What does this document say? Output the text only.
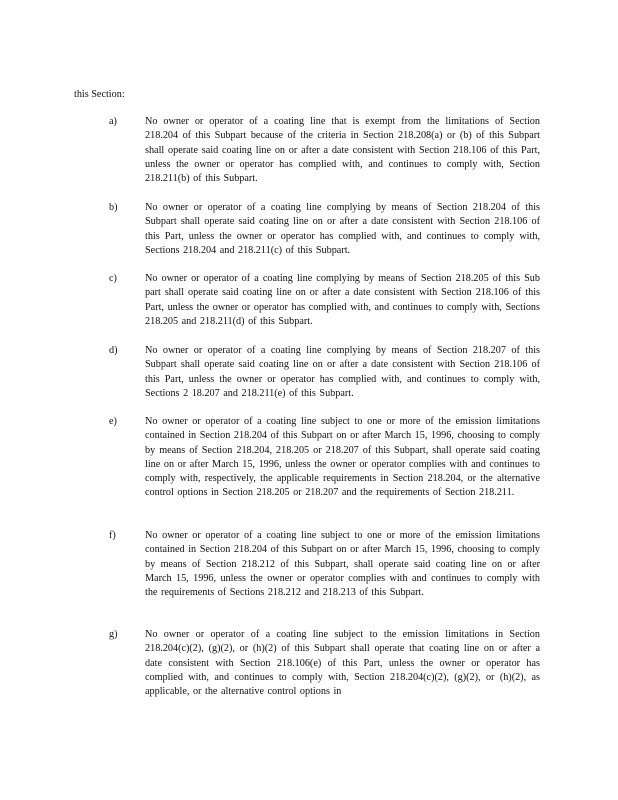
this Section:
a)	No owner or operator of a coating line that is exempt from the limitations of Section 218.204 of this Subpart because of the criteria in Section 218.208(a) or (b) of this Subpart shall operate said coating line on or after a date consistent with Section 218.106 of this Part, unless the owner or operator has complied with, and continues to comply with, Section 218.211(b) of this Subpart.
b)	No owner or operator of a coating line complying by means of Section 218.204 of this Subpart shall operate said coating line on or after a date consistent with Section 218.106 of this Part, unless the owner or operator has complied with, and continues to comply with, Sections 218.204 and 218.211(c) of this Subpart.
c)	No owner or operator of a coating line complying by means of Section 218.205 of this Sub part shall operate said coating line on or after a date consistent with Section 218.106 of this Part, unless the owner or operator has complied with, and continues to comply with, Sections 218.205 and 218.211(d) of this Subpart.
d)	No owner or operator of a coating line complying by means of Section 218.207 of this Subpart shall operate said coating line on or after a date consistent with Section 218.106 of this Part, unless the owner or operator has complied with, and continues to comply with, Sections 2 18.207 and 218.211(e) of this Subpart.
e)	No owner or operator of a coating line subject to one or more of the emission limitations contained in Section 218.204 of this Subpart on or after March 15, 1996, choosing to comply by means of Section 218.204, 218.205 or 218.207 of this Subpart, shall operate said coating line on or after March 15, 1996, unless the owner or operator complies with and continues to comply with, respectively, the applicable requirements in Section 218.204, or the alternative control options in Section 218.205 or 218.207 and the requirements of Section 218.211.
f)	No owner or operator of a coating line subject to one or more of the emission limitations contained in Section 218.204 of this Subpart on or after March 15, 1996, choosing to comply by means of Section 218.212 of this Subpart, shall operate said coating line on or after March 15, 1996, unless the owner or operator complies with and continues to comply with the requirements of Sections 218.212 and 218.213 of this Subpart.
g)	No owner or operator of a coating line subject to the emission limitations in Section 218.204(c)(2), (g)(2), or (h)(2) of this Subpart shall operate that coating line on or after a date consistent with Section 218.106(e) of this Part, unless the owner or operator has complied with, and continues to comply with, Section 218.204(c)(2), (g)(2), or (h)(2), as applicable, or the alternative control options in
